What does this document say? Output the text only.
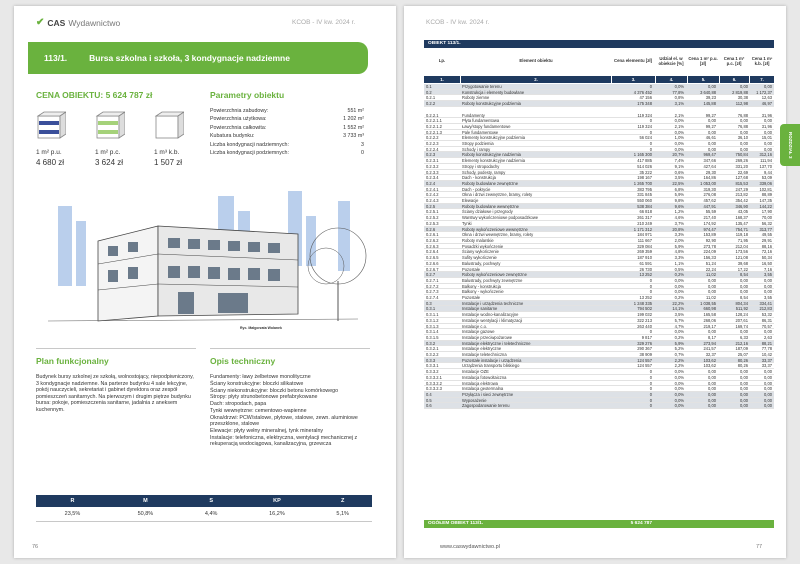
✔ CAS Wydawnictwo	KCOB - IV kw. 2024 r.
113/1.	Bursa szkolna i szkoła, 3 kondygnacje nadziemne
CENA OBIEKTU: 5 624 787 zł	Parametry obiektu
1 m² p.u.
4 680 zł
1 m² p.c.
3 624 zł
1 m³ k.b.
1 507 zł
Powierzchnia zabudowy:	551 m²
Powierzchnia użytkowa:	1 202 m²
Powierzchnia całkowita:	1 552 m²
Kubatura budynku:	3 733 m³
Liczba kondygnacji nadziemnych:	3
Liczba kondygnacji podziemnych:	0
Ryc. Małgorzata Wolanek
Plan funkcjonalny	Opis techniczny
Budynek bursy szkolnej ze szkołą, wolnostojący, niepodpiwniczony, 3 kondygnacje nadziemne. Na parterze budynku 4 sale lekcyjne, pokój nauczycieli, sekretariat i gabinet dyrektora oraz zespół pomieszczeń sanitarnych. Na pierwszym i drugim piętrze budynku bursa: pokoje, pomieszczenia sanitarne, jadalnia z aneksem kuchennym.
Fundamenty: ławy żelbetowe monolityczne
Ściany konstrukcyjne: bloczki silikatowe
Ściany niekonstrukcyjne: bloczki betonu komórkowego
Stropy: płyty strunobetonowe prefabrykowane
Dach: stropodach, papa
Tynki wewnętrzne: cementowo-wapienne
Okna/drzwi: PCW/stalowe, płytowe, stalowe, zewn. aluminiowe przeszklone, stalowe
Elewacje: płyty wełny mineralnej, tynk mineralny
Instalacje: telefoniczna, elektryczna, wentylacji mechanicznej z rekuperacją wodociągowa, kanalizacyjna, grzewcza
R	M	S	KP	Z
23,5%	50,8%	4,4%	16,2%	5,1%
76
KCOB - IV kw. 2024 r.
OBIEKT 113/1.
Lp.	Element obiektu	Cena elementu [zł]
Udział el. w obiekcie [%]
Cena 1 m² p.u. [zł]
Cena 1 m² p.c. [zł]
Cena 1 m³ k.b. [zł]
1.	2.	3.	4.	5.	6.	7.
0.1	Przygotowanie terenu	0	0,0%	0,00	0,00	0,00
0.2	Konstrukcja i elementy budowlane	4 376 452	77,8%	3 640,88	2 819,88	1 172,37
0.2.1	Roboty ziemne	47 156	0,8%	39,23	30,38	12,63
0.2.2	Roboty konstrukcyjne podziemia	175 348	3,1%	145,88	112,98	46,97
0.2.2.1	Fundamenty	119 324	2,1%	99,27	76,88	31,96
0.2.2.1.1	Płyta fundamentowa	0	0,0%	0,00	0,00	0,00
0.2.2.1.2	Ławy/stopy fundamentowe	119 324	2,1%	99,27	76,88	31,96
0.2.2.1.3	Pale fundamentowe	0	0,0%	0,00	0,00	0,00
0.2.2.2	Elementy konstrukcyjne podziemia	56 024	1,0%	46,61	36,10	15,01
0.2.2.3	Stropy podziemia	0	0,0%	0,00	0,00	0,00
0.2.2.4	Schody i rampy	0	0,0%	0,00	0,00	0,00
0.2.3	Roboty konstrukcyjne nadziemia	1 165 300	20,7%	969,47	750,84	312,16
0.2.3.1	Elementy konstrukcyjne nadziemia	417 885	7,4%	347,66	269,26	111,94
0.2.3.2	Stropy i stropodachy	514 026	9,1%	427,64	331,20	137,70
0.2.3.3	Schody, podesty, rampy	35 222	0,6%	29,30	22,69	9,44
0.2.3.4	Dach - konstrukcja	198 167	3,5%	164,86	127,68	53,09
0.2.4	Roboty budowlane zewnętrzne	1 265 700	22,5%	1 053,00	815,53	339,06
0.2.4.1	Dach - pokrycie	383 795	6,8%	319,30	247,29	102,81
0.2.4.2	Okna i drzwi zewnętrzne, bramy, rolety	331 845	5,9%	276,08	213,82	88,89
0.2.4.3	Elewacje	550 060	9,8%	457,62	354,42	147,35
0.2.5	Roboty budowlane wewnętrzne	538 384	9,6%	447,91	346,90	144,22
0.2.5.1	Ściany działowe i przegrody	66 818	1,2%	55,59	43,05	17,90
0.2.5.2	Warstwy wykończeniowe podposadzkowe	261 317	4,6%	217,40	168,37	70,00
0.2.5.3	Tynki	210 249	3,7%	174,92	135,47	56,32
0.2.6	Roboty wykończeniowe wewnętrzne	1 171 312	20,8%	974,47	754,71	313,77
0.2.6.1	Okna i drzwi wewnętrzne, bramy, rolety	184 971	3,3%	153,89	119,18	49,55
0.2.6.2	Roboty malarskie	111 667	2,0%	92,90	71,95	29,91
0.2.6.3	Posadzki wykończenie	329 084	5,9%	273,78	212,04	88,16
0.2.6.4	Ściany wykończenie	269 359	4,8%	224,09	173,56	72,16
0.2.6.5	Sufity wykończenie	187 910	3,3%	156,33	121,08	50,34
0.2.6.6	Balustrady, pochwyty	61 591	1,1%	51,24	39,68	16,50
0.2.6.7	Pozostałe	26 730	0,5%	22,24	17,22	7,16
0.2.7	Roboty wykończeniowe zewnętrzne	13 252	0,2%	11,02	8,54	3,55
0.2.7.1	Balustrady, pochwyty zewnętrzne	0	0,0%	0,00	0,00	0,00
0.2.7.2	Balkony - konstrukcja	0	0,0%	0,00	0,00	0,00
0.2.7.3	Balkony - wykończenie	0	0,0%	0,00	0,00	0,00
0.2.7.4	Pozostałe	13 252	0,2%	11,02	8,54	3,55
0.3	Instalacje i urządzenia techniczne	1 248 335	22,2%	1 038,55	804,34	334,41
0.3.1	Instalacje sanitarne	794 502	14,1%	660,98	511,92	212,83
0.3.1.1	Instalacje wodno-kanalizacyjne	199 032	3,5%	165,58	128,24	53,32
0.3.1.2	Instalacje wentylacji i klimatyzacji	322 213	5,7%	268,06	207,61	86,31
0.3.1.3	Instalacje c.o.	263 440	4,7%	219,17	169,74	70,57
0.3.1.4	Instalacje gazowe	0	0,0%	0,00	0,00	0,00
0.3.1.5	Instalacje przeciwpożarowe	9 817	0,2%	8,17	6,33	2,63
0.3.2	Instalacje elektryczne i teletechniczne	329 276	5,9%	273,94	212,16	88,21
0.3.2.1	Instalacje elektryczne	290 367	5,2%	241,57	187,09	77,78
0.3.2.2	Instalacje teletechniczna	38 909	0,7%	32,37	25,07	10,42
0.3.3	Pozostałe instalacje i urządzenia	124 557	2,2%	103,62	80,26	33,37
0.3.3.1	Urządzenia transportu bliskiego	124 557	2,2%	103,62	80,26	33,37
0.3.3.2	Instalacje OZE	0	0,0%	0,00	0,00	0,00
0.3.3.2.1	Instalacja fotowoltaiczna	0	0,0%	0,00	0,00	0,00
0.3.3.2.2	Instalacja elektrowa	0	0,0%	0,00	0,00	0,00
0.3.3.2.3	Instalacja geotermalna	0	0,0%	0,00	0,00	0,00
0.4	Przyłącza i sieci zewnętrzne	0	0,0%	0,00	0,00	0,00
0.5	Wyposażenie	0	0,0%	0,00	0,00	0,00
0.6	Zagospodarowanie terenu	0	0,0%	0,00	0,00	0,00
OGÓŁEM OBIEKT 113/1.	5 624 787
www.caswydawnictwo.pl	77
ROZDZIAŁ 3
